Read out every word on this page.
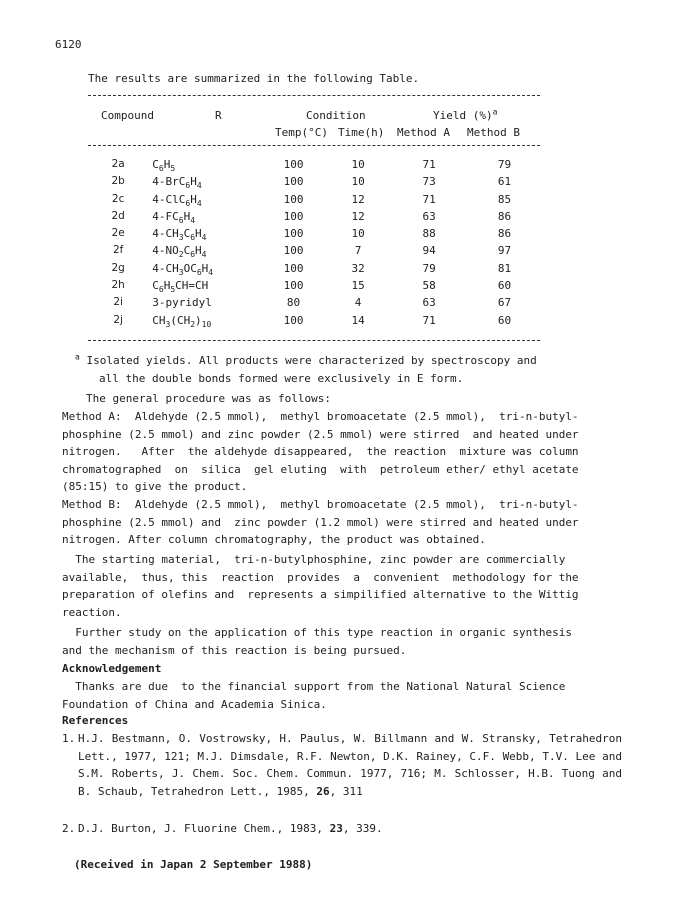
6120
The results are summarized in the following Table.
Compound	R	Condition	Yield (%)$^a$
Temp(°C) Time(h) Method A Method B
2a	$C_6H_5$	100	10	71	79
2b	$4-BrC_6H_4$	100	10	73	61
2c	$4-ClC_6H_4$	100	12	71	85
2d	$4-FC_6H_4$	100	12	63	86
2e	$4-CH_3C_6H_4$	100	10	88	86
2f	$4-NO_2C_6H_4$	100	7	94	97
2g	$4-CH_3OC_6H_4$	100	32	79	81
2h	$C_6H_5CH=CH$	100	15	58	60
2i	3-pyridyl	80	4	63	67
2j	$CH_3(CH_2)_{10}$	100	14	71	60
$^a$ Isolated yields. All products were characterized by spectroscopy and
all the double bonds formed were exclusively in E form.
The general procedure was as follows:
Method A:  Aldehyde (2.5 mmol),  methyl bromoacetate (2.5 mmol),  tri-n-butyl-
phosphine (2.5 mmol) and zinc powder (2.5 mmol) were stirred  and heated under
nitrogen.   After  the aldehyde disappeared,  the reaction  mixture was column
chromatographed  on  silica  gel eluting  with  petroleum ether/ ethyl acetate
(85:15) to give the product.
Method B:  Aldehyde (2.5 mmol),  methyl bromoacetate (2.5 mmol),  tri-n-butyl-
phosphine (2.5 mmol) and  zinc powder (1.2 mmol) were stirred and heated under
nitrogen. After column chromatography, the product was obtained.
The starting material,  tri-n-butylphosphine, zinc powder are commercially
available,  thus, this  reaction  provides  a  convenient  methodology for the
preparation of olefins and  represents a simpilified alternative to the Wittig
reaction.
Further study on the application of this type reaction in organic synthesis
and the mechanism of this reaction is being pursued.
Acknowledgement
Thanks are due  to the financial support from the National Natural Science
Foundation of China and Academia Sinica.
References
1. H.J. Bestmann, O. Vostrowsky, H. Paulus, W. Billmann and W. Stransky, Tetrahedron Lett., 1977, 121; M.J. Dimsdale, R.F. Newton, D.K. Rainey, C.F. Webb, T.V. Lee and S.M. Roberts, J. Chem. Soc. Chem. Commun. 1977, 716; M. Schlosser, H.B. Tuong and B. Schaub, Tetrahedron Lett., 1985, 26, 311
2. D.J. Burton, J. Fluorine Chem., 1983, 23, 339.
(Received in Japan 2 September 1988)
